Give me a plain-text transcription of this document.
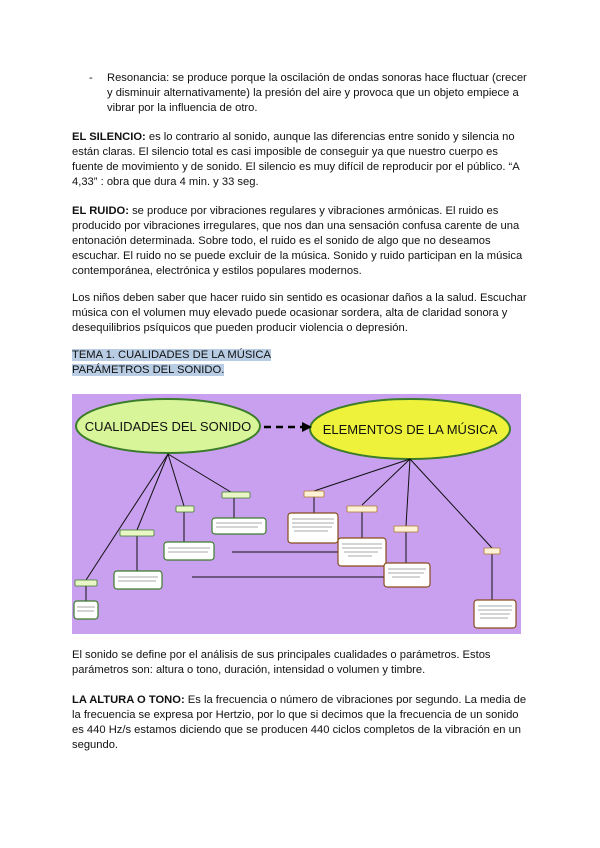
-	Resonancia: se produce porque la oscilación de ondas sonoras hace fluctuar (crecer y disminuir alternativamente) la presión del aire y provoca que un objeto empiece a vibrar por la influencia de otro.

EL SILENCIO: es lo contrario al sonido, aunque las diferencias entre sonido y silencia no están claras. El silencio total es casi imposible de conseguir ya que nuestro cuerpo es fuente de movimiento y de sonido. El silencio es muy difícil de reproducir por el público. “A 4,33” : obra que dura 4 min. y 33 seg.

EL RUIDO: se produce por vibraciones regulares y vibraciones armónicas. El ruido es producido por vibraciones irregulares, que nos dan una sensación confusa carente de una entonación determinada. Sobre todo, el ruido es el sonido de algo que no deseamos escuchar. El ruido no se puede excluir de la música. Sonido y ruido participan en la música contemporánea, electrónica y estilos populares modernos.

Los niños deben saber que hacer ruido sin sentido es ocasionar daños a la salud. Escuchar música con el volumen muy elevado puede ocasionar sordera, alta de claridad sonora y desequilibrios psíquicos que pueden producir violencia o depresión.

TEMA 1. CUALIDADES DE LA MÚSICA
PARÁMETROS DEL SONIDO.
CUALIDADES DEL SONIDO	ELEMENTOS DE LA MÚSICA

El sonido se define por el análisis de sus principales cualidades o parámetros. Estos parámetros son: altura o tono, duración, intensidad o volumen y timbre.

LA ALTURA O TONO: Es la frecuencia o número de vibraciones por segundo. La media de la frecuencia se expresa por Hertzio, por lo que si decimos que la frecuencia de un sonido es 440 Hz/s estamos diciendo que se producen 440 ciclos completos de la vibración en un segundo.
